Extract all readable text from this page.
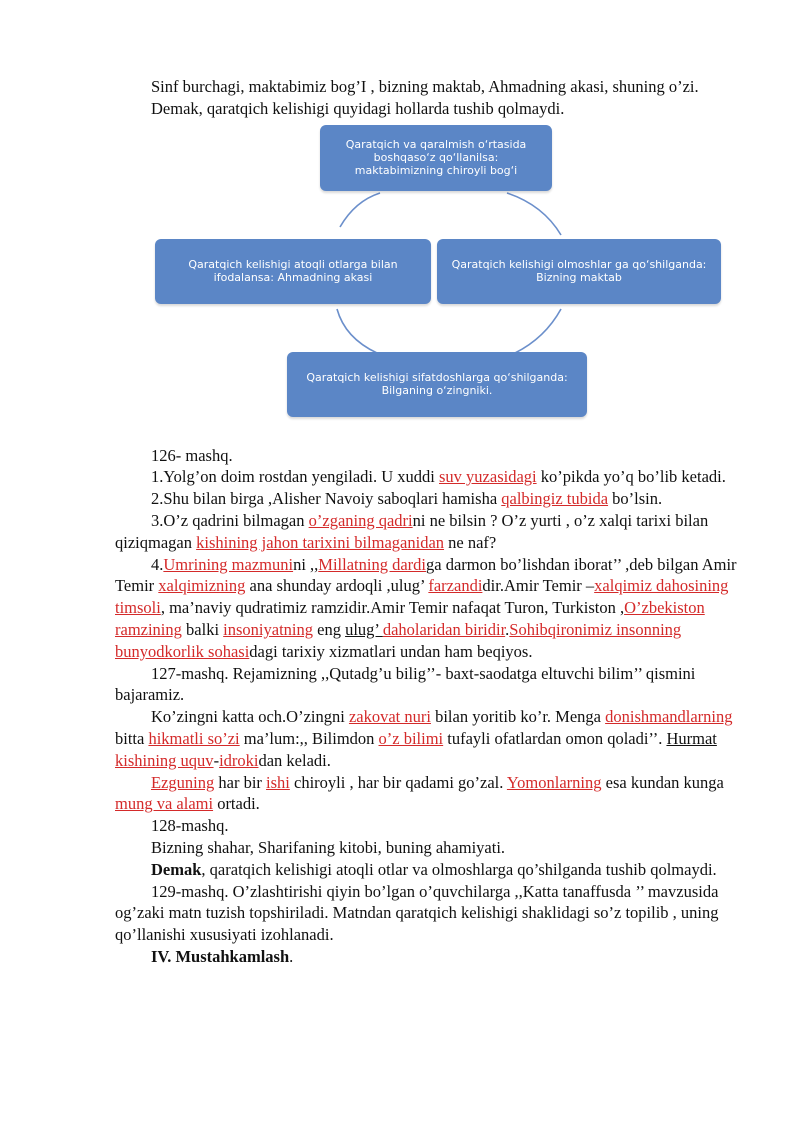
Sinf burchagi, maktabimiz bog’I , bizning maktab, Ahmadning akasi, shuning o’zi.

Demak, qaratqich kelishigi quyidagi hollarda tushib qolmaydi.

Qaratqich va qaralmish o‘rtasida boshqaso‘z qo‘llanilsa: maktabimizning chiroyli bog‘i
Qaratqich kelishigi atoqli otlarga bilan ifodalansa: Ahmadning akasi
Qaratqich kelishigi olmoshlar ga qo‘shilganda: Bizning maktab
Qaratqich kelishigi sifatdoshlarga qo‘shilganda: Bilganing o‘zingniki.

126- mashq.

1.Yolg’on doim rostdan yengiladi. U xuddi suv yuzasidagi ko’pikda yo’q bo’lib ketadi.

2.Shu bilan birga ,Alisher Navoiy saboqlari hamisha qalbingiz tubida bo’lsin.

3.O’z qadrini bilmagan o’zganing qadrini ne bilsin ? O’z yurti , o’z xalqi tarixi bilan qiziqmagan kishining jahon tarixini bilmaganidan ne naf?

4.Umrining mazmunini ,,Millatning dardiga darmon bo’lishdan iborat’’ ,deb bilgan Amir Temir xalqimizning ana shunday ardoqli ,ulug’ farzandidir.Amir Temir –xalqimiz dahosining timsoli, ma’naviy qudratimiz ramzidir.Amir Temir nafaqat Turon, Turkiston ,O’zbekiston ramzining balki insoniyatning eng ulug’ daholaridan biridir.Sohibqironimiz insonning bunyodkorlik sohasidagi tarixiy xizmatlari undan ham beqiyos.

127-mashq. Rejamizning ,,Qutadg’u bilig’’- baxt-saodatga eltuvchi bilim’’ qismini bajaramiz.

Ko’zingni katta och.O’zingni zakovat nuri bilan yoritib ko’r. Menga donishmandlarning bitta hikmatli so’zi ma’lum:,, Bilimdon o’z bilimi tufayli ofatlardan omon qoladi’’. Hurmat kishining uquv-idrokidan keladi.

Ezguning har bir ishi chiroyli , har bir qadami go’zal. Yomonlarning esa kundan kunga mung va alami ortadi.

128-mashq.

Bizning shahar, Sharifaning kitobi, buning ahamiyati.

Demak, qaratqich kelishigi atoqli otlar va olmoshlarga qo’shilganda tushib qolmaydi.

129-mashq. O’zlashtirishi qiyin bo’lgan o’quvchilarga ,,Katta tanaffusda ’’ mavzusida og’zaki matn tuzish topshiriladi. Matndan qaratqich kelishigi shaklidagi so’z topilib , uning qo’llanishi xususiyati izohlanadi.

IV. Mustahkamlash.
